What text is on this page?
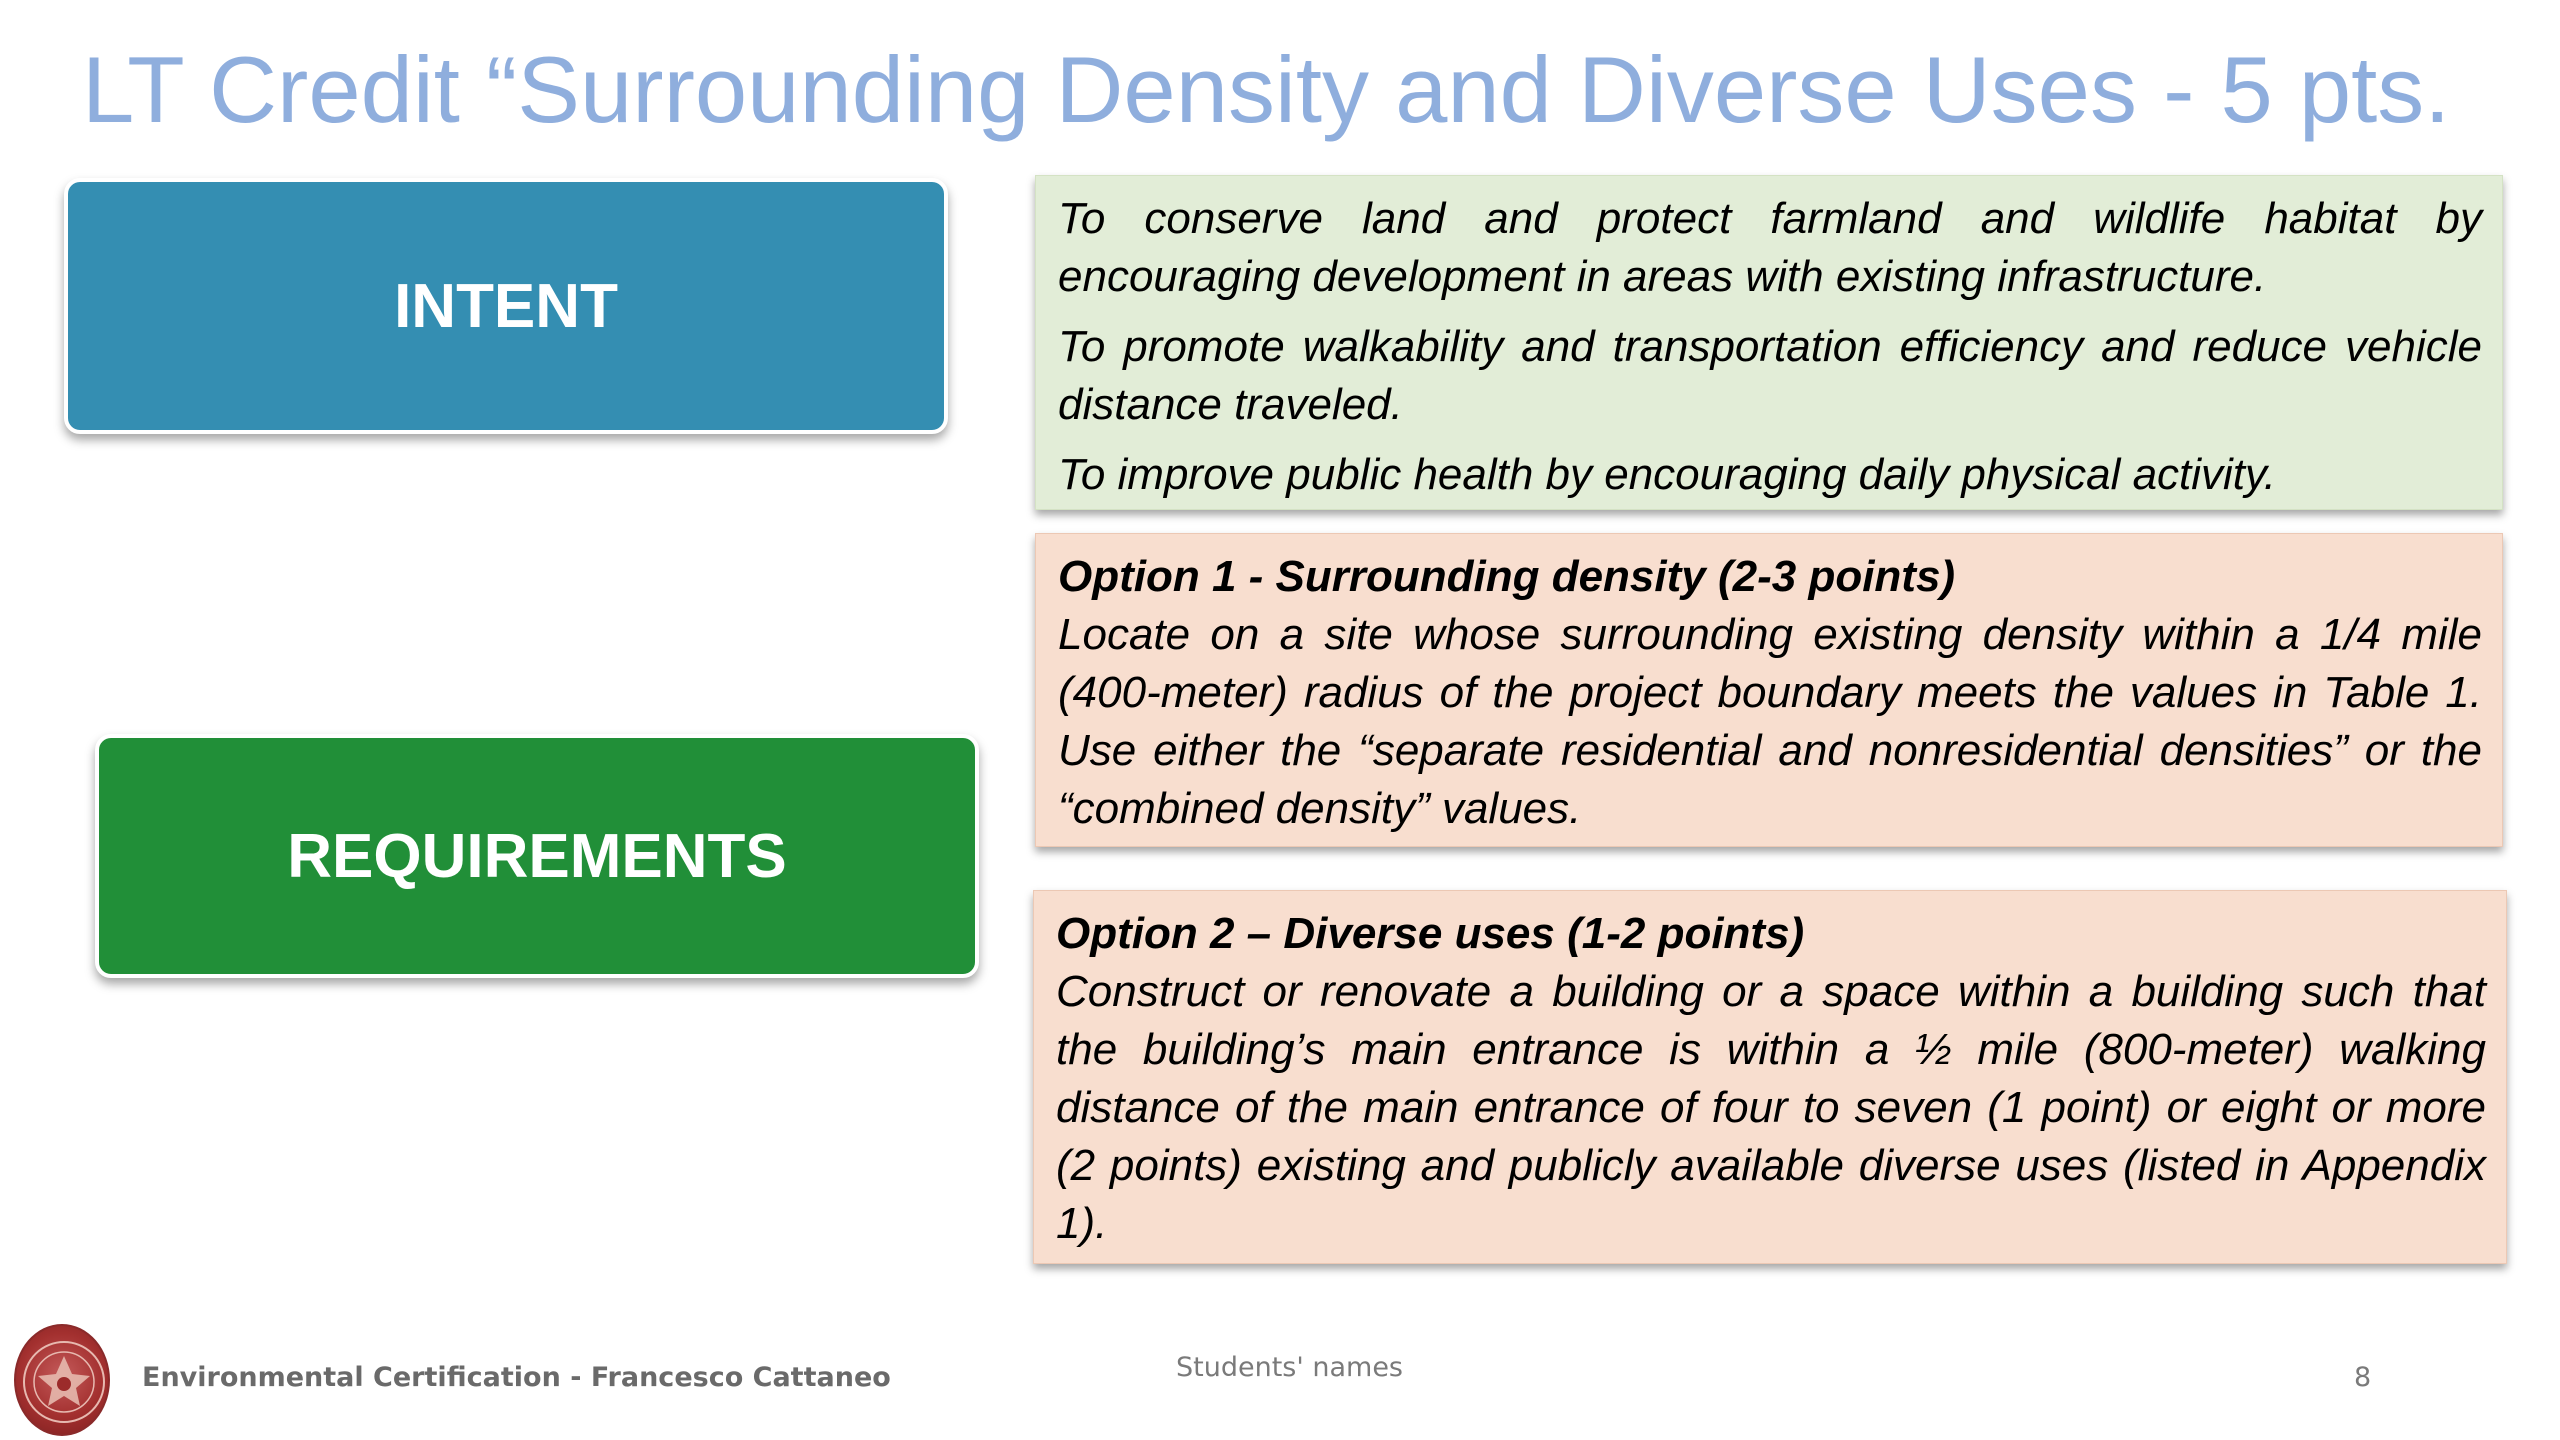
LT Credit “Surrounding Density and Diverse Uses - 5 pts.
INTENT

To conserve land and protect farmland and wildlife habitat by encouraging development in areas with existing infrastructure.

To promote walkability and transportation efficiency and reduce vehicle distance traveled.

To improve public health by encouraging daily physical activity.

REQUIREMENTS

Option 1 - Surrounding density (2-3 points)

Locate on a site whose surrounding existing density within a 1/4 mile (400-meter) radius of the project boundary meets the values in Table 1. Use either the “separate residential and nonresidential densities” or the “combined density” values.

Option 2 – Diverse uses (1-2 points)

Construct or renovate a building or a space within a building such that the building’s main entrance is within a ½ mile (800-meter) walking distance of the main entrance of four to seven (1 point) or eight or more (2 points) existing and publicly available diverse uses (listed in Appendix 1).

Environmental Certification - Francesco Cattaneo	Students' names	8
